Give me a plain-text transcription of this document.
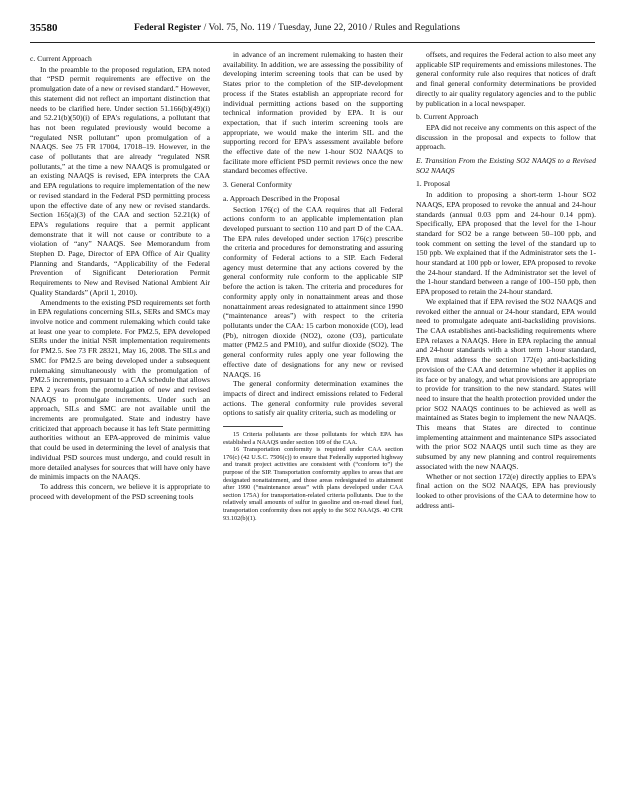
35580	Federal Register / Vol. 75, No. 119 / Tuesday, June 22, 2010 / Rules and Regulations
c. Current Approach

In the preamble to the proposed regulation, EPA noted that “PSD permit requirements are effective on the promulgation date of a new or revised standard.” However, this statement did not reflect an important distinction that needs to be clarified here. Under section 51.166(b)(49)(i) and 52.21(b)(50)(i) of EPA's regulations, a pollutant that has not been regulated previously would become a “regulated NSR pollutant” upon promulgation of a NAAQS. See 75 FR 17004, 17018–19. However, in the case of pollutants that are already “regulated NSR pollutants,” at the time a new NAAQS is promulgated or an existing NAAQS is revised, EPA interprets the CAA and EPA regulations to require implementation of the new or revised standard in the Federal PSD permitting process upon the effective date of any new or revised standards. Section 165(a)(3) of the CAA and section 52.21(k) of EPA's regulations require that a permit applicant demonstrate that it will not cause or contribute to a violation of “any” NAAQS. See Memorandum from Stephen D. Page, Director of EPA Office of Air Quality Planning and Standards, “Applicability of the Federal Prevention of Significant Deterioration Permit Requirements to New and Revised National Ambient Air Quality Standards” (April 1, 2010).

Amendments to the existing PSD requirements set forth in EPA regulations concerning SILs, SERs and SMCs may involve notice and comment rulemaking which could take at least one year to complete. For PM2.5, EPA developed SERs under the initial NSR implementation requirements for PM2.5. See 73 FR 28321, May 16, 2008. The SILs and SMC for PM2.5 are being developed under a subsequent rulemaking simultaneously with the promulgation of PM2.5 increments, pursuant to a CAA schedule that allows EPA 2 years from the promulgation of new and revised NAAQS to promulgate increments. Under such an approach, SILs and SMC are not available until the increments are promulgated. State and industry have criticized that approach because it has left State permitting authorities without an EPA-approved de minimis value that could be used in determining the level of analysis that individual PSD sources must undergo, and could result in more detailed analyses for sources that will have only have de minimis impacts on the NAAQS.

To address this concern, we believe it is appropriate to proceed with development of the PSD screening tools

in advance of an increment rulemaking to hasten their availability. In addition, we are assessing the possibility of developing interim screening tools that can be used by States prior to the completion of the SIP-development process if the States establish an appropriate record for individual permitting actions based on the supporting technical information provided by EPA. It is our expectation, that if such interim screening tools are appropriate, we would make the interim SIL and the supporting record for EPA's assessment available before the effective date of the new 1-hour SO2 NAAQS to facilitate more efficient PSD permit reviews once the new standard becomes effective.

3. General Conformity
a. Approach Described in the Proposal

Section 176(c) of the CAA requires that all Federal actions conform to an applicable implementation plan developed pursuant to section 110 and part D of the CAA. The EPA rules developed under section 176(c) prescribe the criteria and procedures for demonstrating and assuring conformity of Federal actions to a SIP. Each Federal agency must determine that any actions covered by the general conformity rule conform to the applicable SIP before the action is taken. The criteria and procedures for conformity apply only in nonattainment areas and those nonattainment areas redesignated to attainment since 1990 (“maintenance areas”) with respect to the criteria pollutants under the CAA: 15 carbon monoxide (CO), lead (Pb), nitrogen dioxide (NO2), ozone (O3), particulate matter (PM2.5 and PM10), and sulfur dioxide (SO2). The general conformity rules apply one year following the effective date of designations for any new or revised NAAQS. 16

The general conformity determination examines the impacts of direct and indirect emissions related to Federal actions. The general conformity rule provides several options to satisfy air quality criteria, such as modeling or

15 Criteria pollutants are those pollutants for which EPA has established a NAAQS under section 109 of the CAA.

16 Transportation conformity is required under CAA section 176(c) (42 U.S.C. 7506(c)) to ensure that Federally supported highway and transit project activities are consistent with (“conform to”) the purpose of the SIP. Transportation conformity applies to areas that are designated nonattainment, and those areas redesignated to attainment after 1990 (“maintenance areas” with plans developed under CAA section 175A) for transportation-related criteria pollutants. Due to the relatively small amounts of sulfur in gasoline and on-road diesel fuel, transportation conformity does not apply to the SO2 NAAQS. 40 CFR 93.102(b)(1).

offsets, and requires the Federal action to also meet any applicable SIP requirements and emissions milestones. The general conformity rule also requires that notices of draft and final general conformity determinations be provided directly to air quality regulatory agencies and to the public by publication in a local newspaper.

b. Current Approach

EPA did not receive any comments on this aspect of the discussion in the proposal and expects to follow that approach.

E. Transition From the Existing SO2 NAAQS to a Revised SO2 NAAQS
1. Proposal

In addition to proposing a short-term 1-hour SO2 NAAQS, EPA proposed to revoke the annual and 24-hour standards (annual 0.03 ppm and 24-hour 0.14 ppm). Specifically, EPA proposed that the level for the 1-hour standard for SO2 be a range between 50–100 ppb, and took comment on setting the level of the standard up to 150 ppb. We explained that if the Administrator sets the 1-hour standard at 100 ppb or lower, EPA proposed to revoke the 24-hour standard. If the Administrator set the level of the 1-hour standard between a range of 100–150 ppb, then EPA proposed to retain the 24-hour standard.

We explained that if EPA revised the SO2 NAAQS and revoked either the annual or 24-hour standard, EPA would need to promulgate adequate anti-backsliding provisions. The CAA establishes anti-backsliding requirements where EPA relaxes a NAAQS. Here in EPA replacing the annual and 24-hour standards with a short term 1-hour standard, EPA must address the section 172(e) anti-backsliding provision of the CAA and determine whether it applies on its face or by analogy, and what provisions are appropriate to provide for transition to the new standard. States will need to insure that the health protection provided under the prior SO2 NAAQS continues to be achieved as well as maintained as States begin to implement the new NAAQS. This means that States are directed to continue implementing attainment and maintenance SIPs associated with the prior SO2 NAAQS until such time as they are subsumed by any new planning and control requirements associated with the new NAAQS.

Whether or not section 172(e) directly applies to EPA's final action on the SO2 NAAQS, EPA has previously looked to other provisions of the CAA to determine how to address anti-
